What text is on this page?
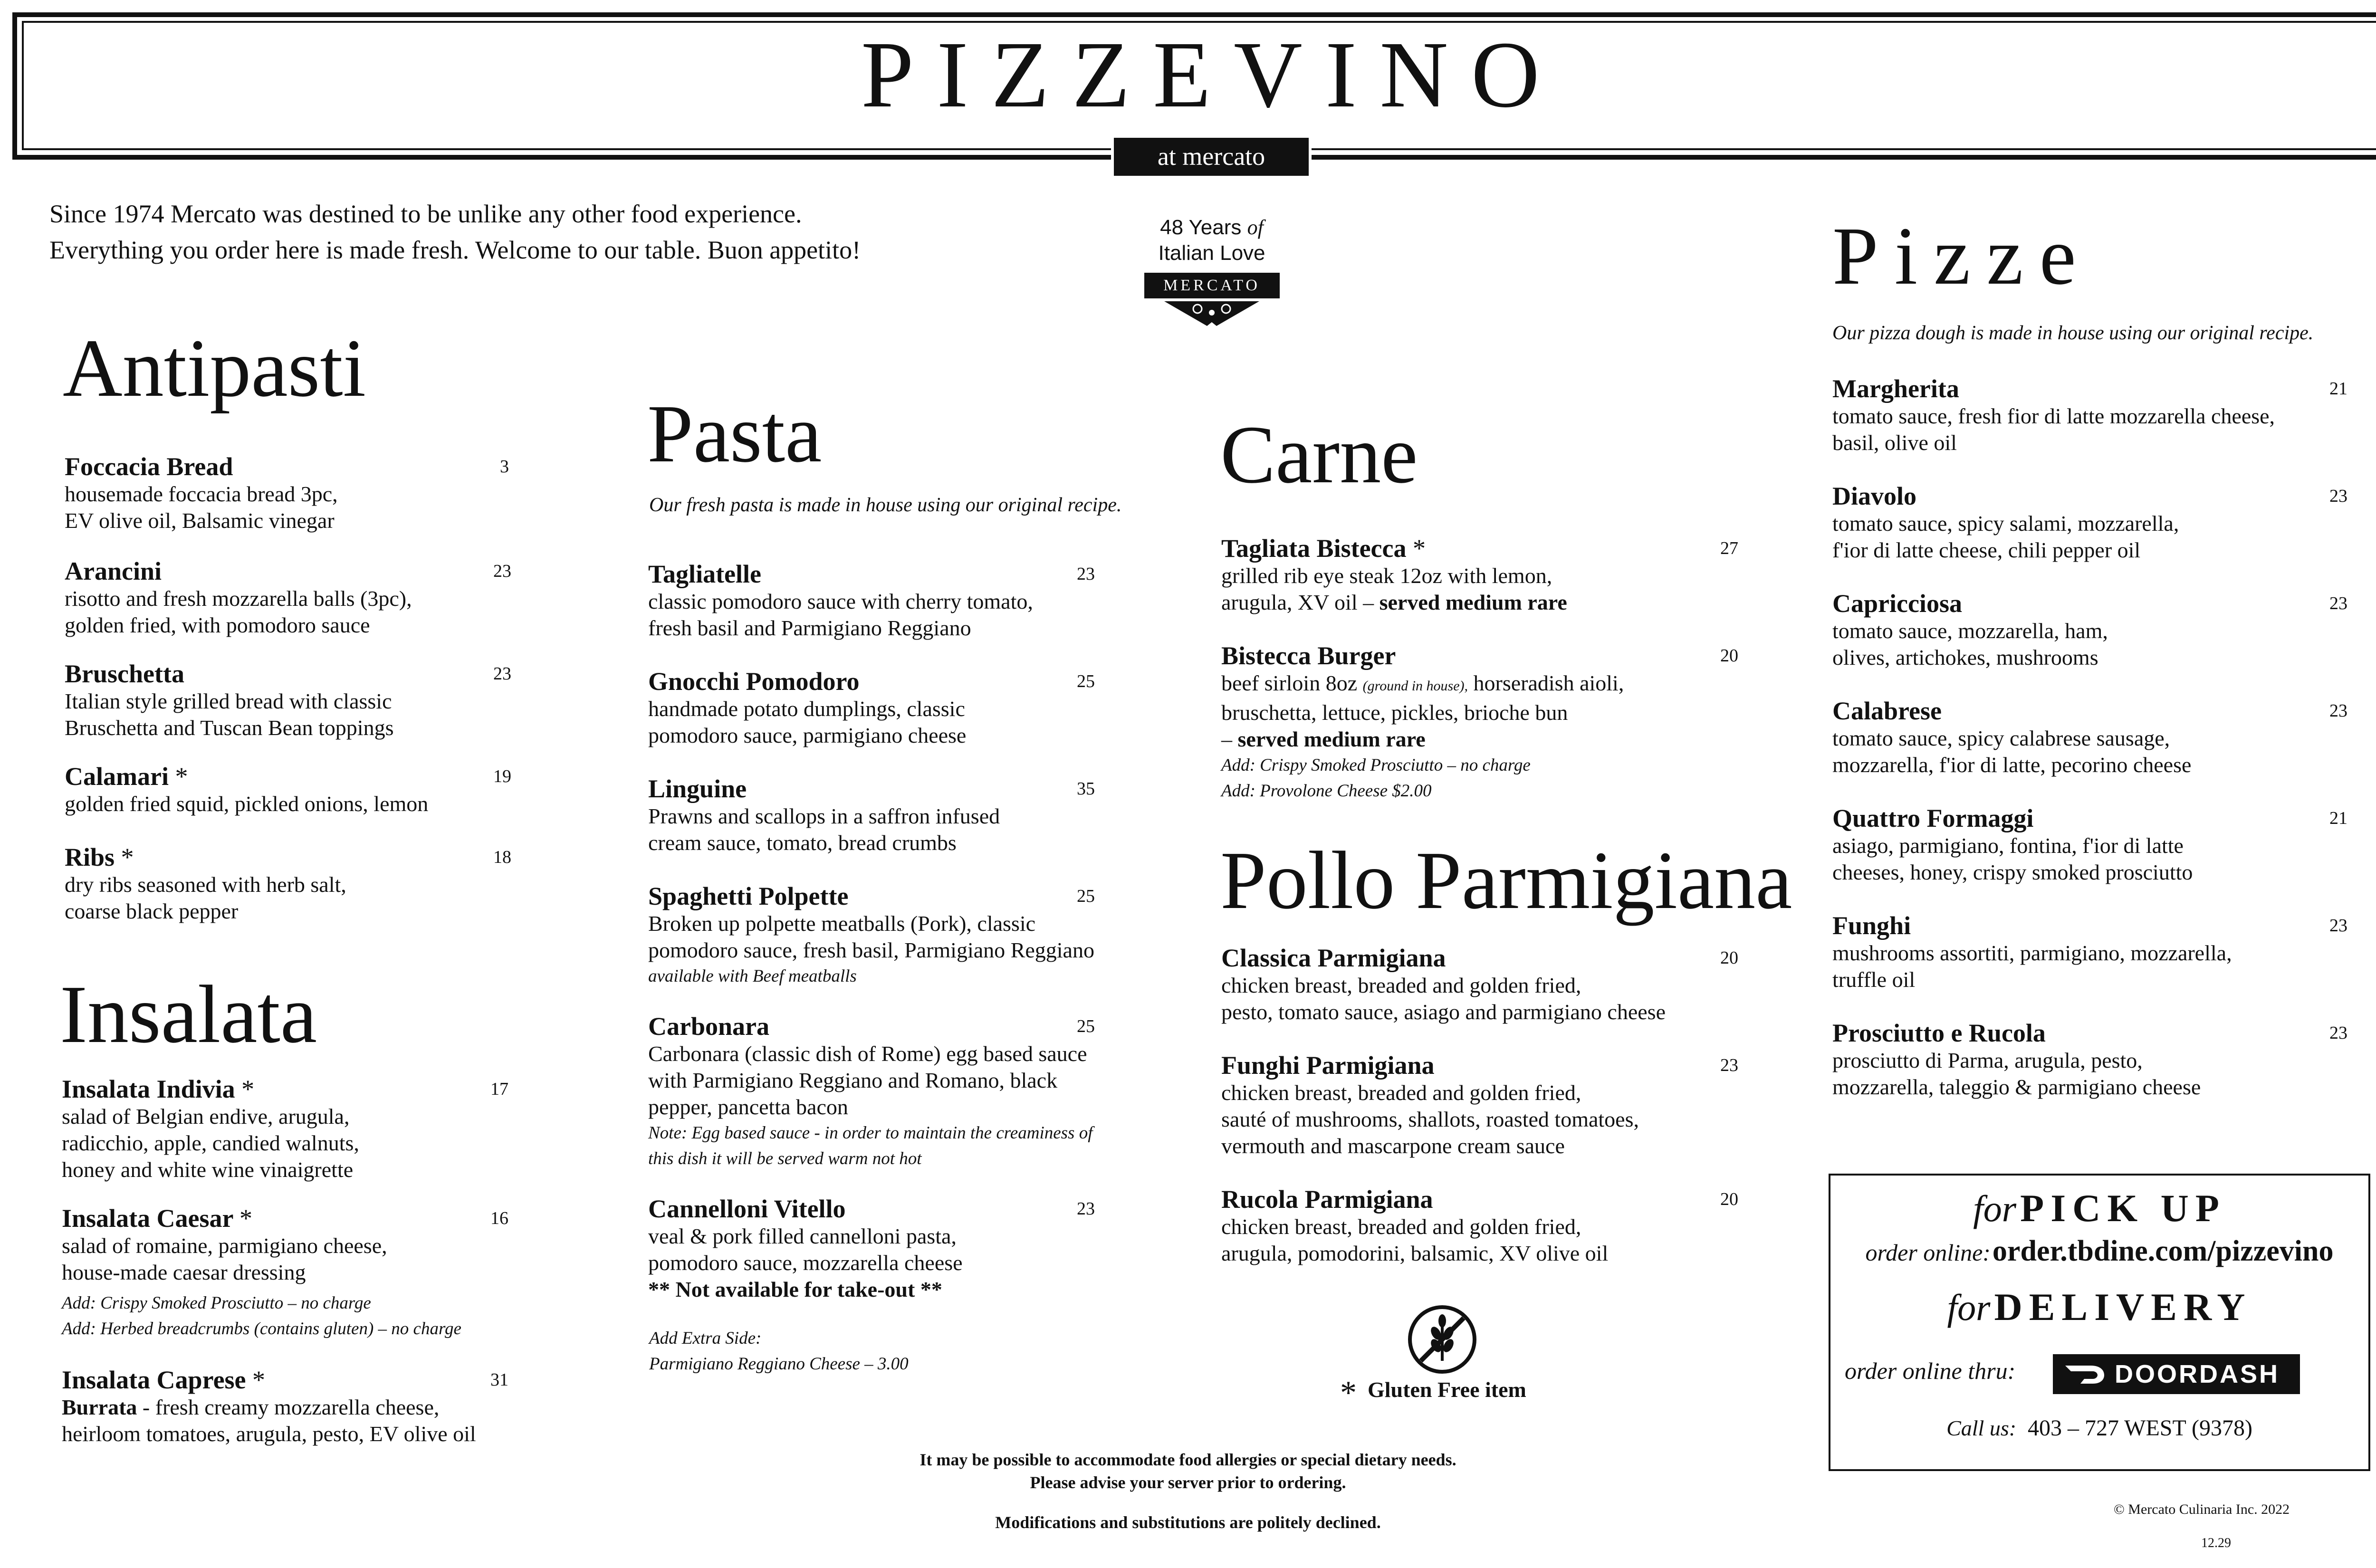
PIZZEVINO
at mercato
Since 1974 Mercato was destined to be unlike any other food experience.
Everything you order here is made fresh. Welcome to our table. Buon appetito!
48 Years of
Italian Love
MERCATO
Antipasti
Foccacia Bread	3
housemade foccacia bread 3pc,
EV olive oil, Balsamic vinegar
Arancini	23
risotto and fresh mozzarella balls (3pc),
golden fried, with pomodoro sauce
Bruschetta	23
Italian style grilled bread with classic
Bruschetta and Tuscan Bean toppings
Calamari *	19
golden fried squid, pickled onions, lemon
Ribs *	18
dry ribs seasoned with herb salt,
coarse black pepper
Insalata
Insalata Indivia *	17
salad of Belgian endive, arugula,
radicchio, apple, candied walnuts,
honey and white wine vinaigrette
Insalata Caesar *	16
salad of romaine, parmigiano cheese,
house-made caesar dressing
Add: Crispy Smoked Prosciutto – no charge
Add: Herbed breadcrumbs (contains gluten) – no charge
Insalata Caprese *	31
Burrata - fresh creamy mozzarella cheese,
heirloom tomatoes, arugula, pesto, EV olive oil
Pasta
Our fresh pasta is made in house using our original recipe.
Tagliatelle	23
classic pomodoro sauce with cherry tomato,
fresh basil and Parmigiano Reggiano
Gnocchi Pomodoro	25
handmade potato dumplings, classic
pomodoro sauce, parmigiano cheese
Linguine	35
Prawns and scallops in a saffron infused
cream sauce, tomato, bread crumbs
Spaghetti Polpette	25
Broken up polpette meatballs (Pork), classic
pomodoro sauce, fresh basil, Parmigiano Reggiano
available with Beef meatballs
Carbonara	25
Carbonara (classic dish of Rome) egg based sauce
with Parmigiano Reggiano and Romano, black
pepper, pancetta bacon
Note: Egg based sauce - in order to maintain the creaminess of
this dish it will be served warm not hot
Cannelloni Vitello	23
veal & pork filled cannelloni pasta,
pomodoro sauce, mozzarella cheese
** Not available for take-out **
Add Extra Side:
Parmigiano Reggiano Cheese – 3.00
Carne
Tagliata Bistecca *	27
grilled rib eye steak 12oz with lemon,
arugula, XV oil – served medium rare
Bistecca Burger	20
beef sirloin 8oz (ground in house), horseradish aioli,
bruschetta, lettuce, pickles, brioche bun
– served medium rare
Add: Crispy Smoked Prosciutto – no charge
Add: Provolone Cheese $2.00
Pollo Parmigiana
Classica Parmigiana	20
chicken breast, breaded and golden fried,
pesto, tomato sauce, asiago and parmigiano cheese
Funghi Parmigiana	23
chicken breast, breaded and golden fried,
sauté of mushrooms, shallots, roasted tomatoes,
vermouth and mascarpone cream sauce
Rucola Parmigiana	20
chicken breast, breaded and golden fried,
arugula, pomodorini, balsamic, XV olive oil
* Gluten Free item
It may be possible to accommodate food allergies or special dietary needs.
Please advise your server prior to ordering.
Modifications and substitutions are politely declined.
Pizze
Our pizza dough is made in house using our original recipe.
Margherita	21
tomato sauce, fresh fior di latte mozzarella cheese,
basil, olive oil
Diavolo	23
tomato sauce, spicy salami, mozzarella,
f'ior di latte cheese, chili pepper oil
Capricciosa	23
tomato sauce, mozzarella, ham,
olives, artichokes, mushrooms
Calabrese	23
tomato sauce, spicy calabrese sausage,
mozzarella, f'ior di latte, pecorino cheese
Quattro Formaggi	21
asiago, parmigiano, fontina, f'ior di latte
cheeses, honey, crispy smoked prosciutto
Funghi	23
mushrooms assortiti, parmigiano, mozzarella,
truffle oil
Prosciutto e Rucola	23
prosciutto di Parma, arugula, pesto,
mozzarella, taleggio & parmigiano cheese
for  PICK UP
order online: order.tbdine.com/pizzevino
for  DELIVERY
order online thru:	DOORDASH
Call us: 403 – 727 WEST (9378)
© Mercato Culinaria Inc. 2022
12.29
